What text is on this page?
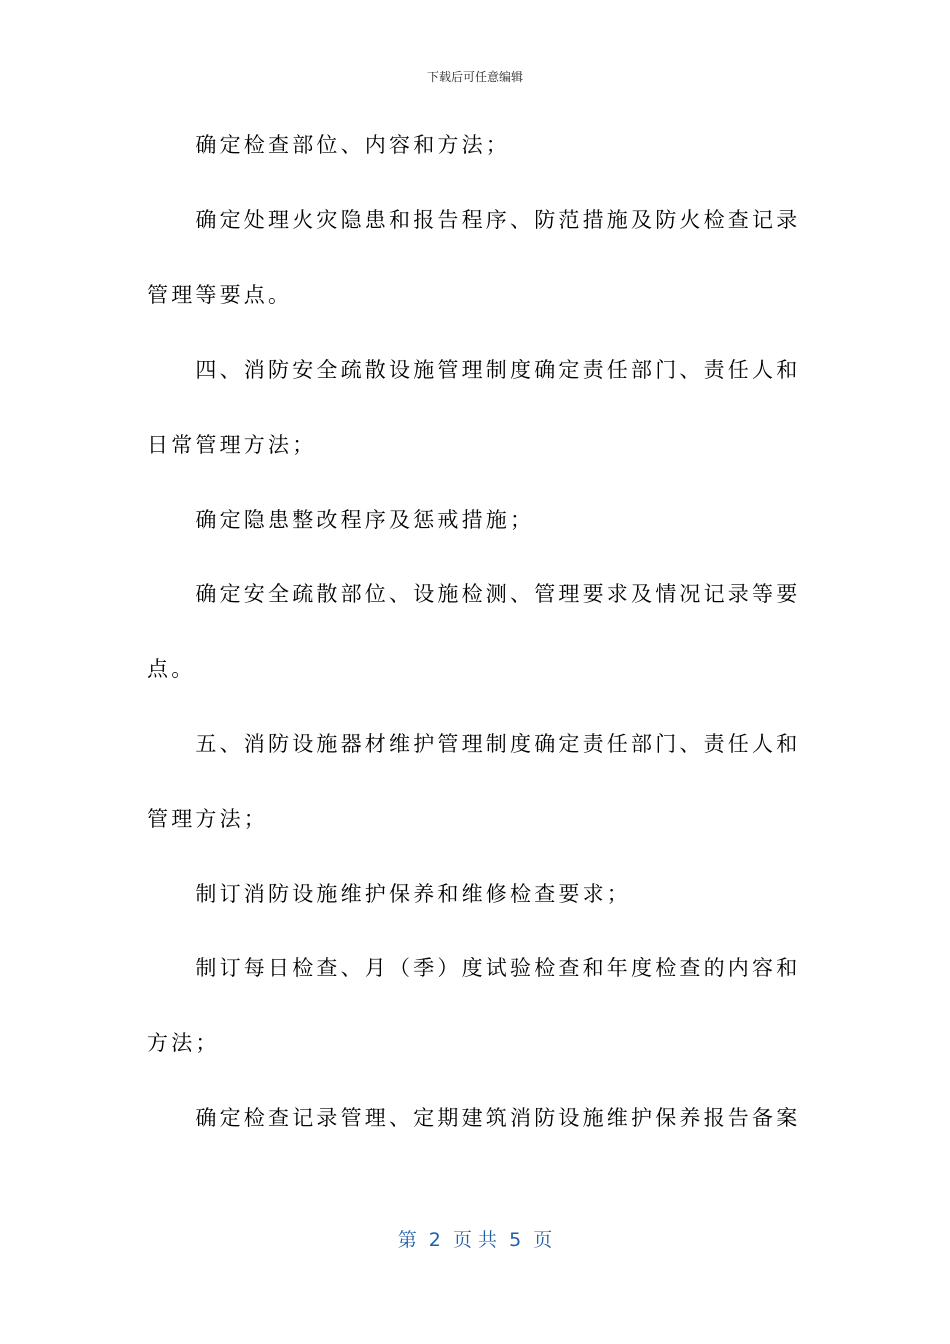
下载后可任意编辑
　　确定检查部位、内容和方法；
　　确定处理火灾隐患和报告程序、防范措施及防火检查记录
管理等要点。
　　四、消防安全疏散设施管理制度确定责任部门、责任人和
日常管理方法；
　　确定隐患整改程序及惩戒措施；
　　确定安全疏散部位、设施检测、管理要求及情况记录等要
点。
　　五、消防设施器材维护管理制度确定责任部门、责任人和
管理方法；
　　制订消防设施维护保养和维修检查要求；
　　制订每日检查、月（季）度试验检查和年度检查的内容和
方法；
　　确定检查记录管理、定期建筑消防设施维护保养报告备案
第  2  页 共  5  页
